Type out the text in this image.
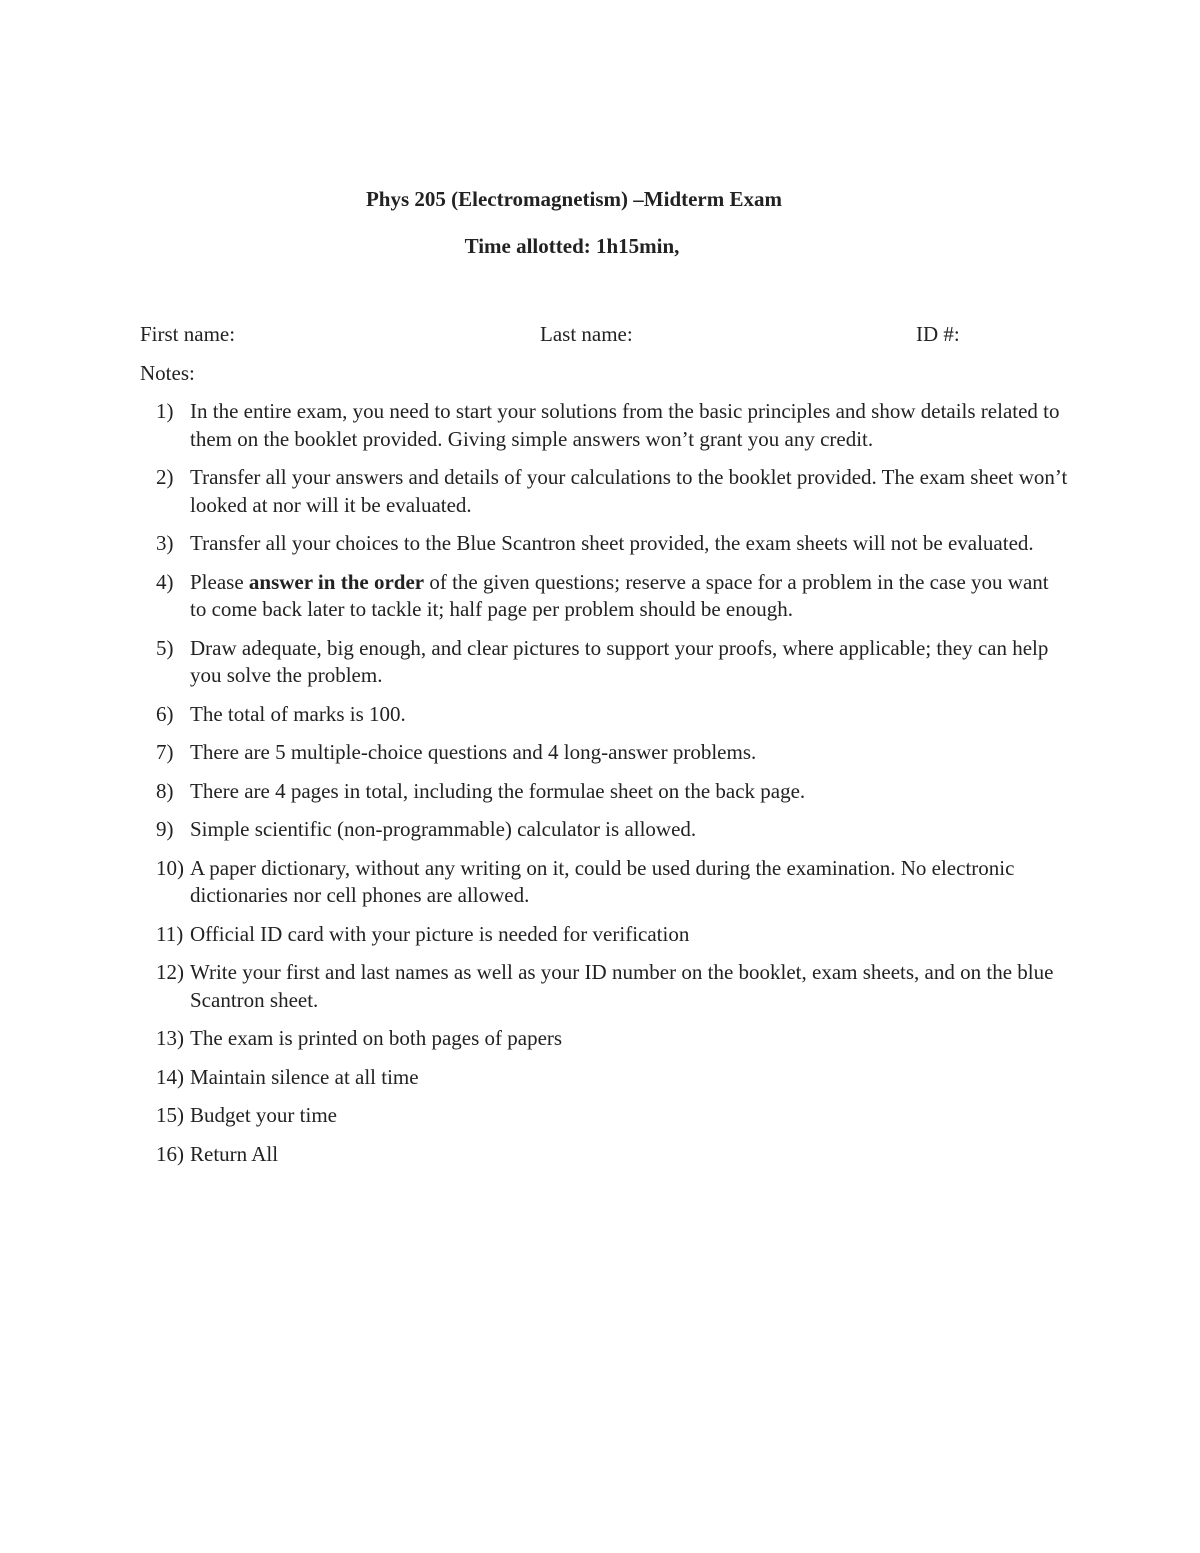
Phys 205 (Electromagnetism) –Midterm Exam
Time allotted: 1h15min,
First name:	Last name:	ID #:
Notes:
1) In the entire exam, you need to start your solutions from the basic principles and show details related to them on the booklet provided. Giving simple answers won’t grant you any credit.
2) Transfer all your answers and details of your calculations to the booklet provided. The exam sheet won’t looked at nor will it be evaluated.
3) Transfer all your choices to the Blue Scantron sheet provided, the exam sheets will not be evaluated.
4) Please answer in the order of the given questions; reserve a space for a problem in the case you want to come back later to tackle it; half page per problem should be enough.
5) Draw adequate, big enough, and clear pictures to support your proofs, where applicable; they can help you solve the problem.
6) The total of marks is 100.
7) There are 5 multiple-choice questions and 4 long-answer problems.
8) There are 4 pages in total, including the formulae sheet on the back page.
9) Simple scientific (non-programmable) calculator is allowed.
10) A paper dictionary, without any writing on it, could be used during the examination. No electronic dictionaries nor cell phones are allowed.
11) Official ID card with your picture is needed for verification
12) Write your first and last names as well as your ID number on the booklet, exam sheets, and on the blue Scantron sheet.
13) The exam is printed on both pages of papers
14) Maintain silence at all time
15) Budget your time
16) Return All
